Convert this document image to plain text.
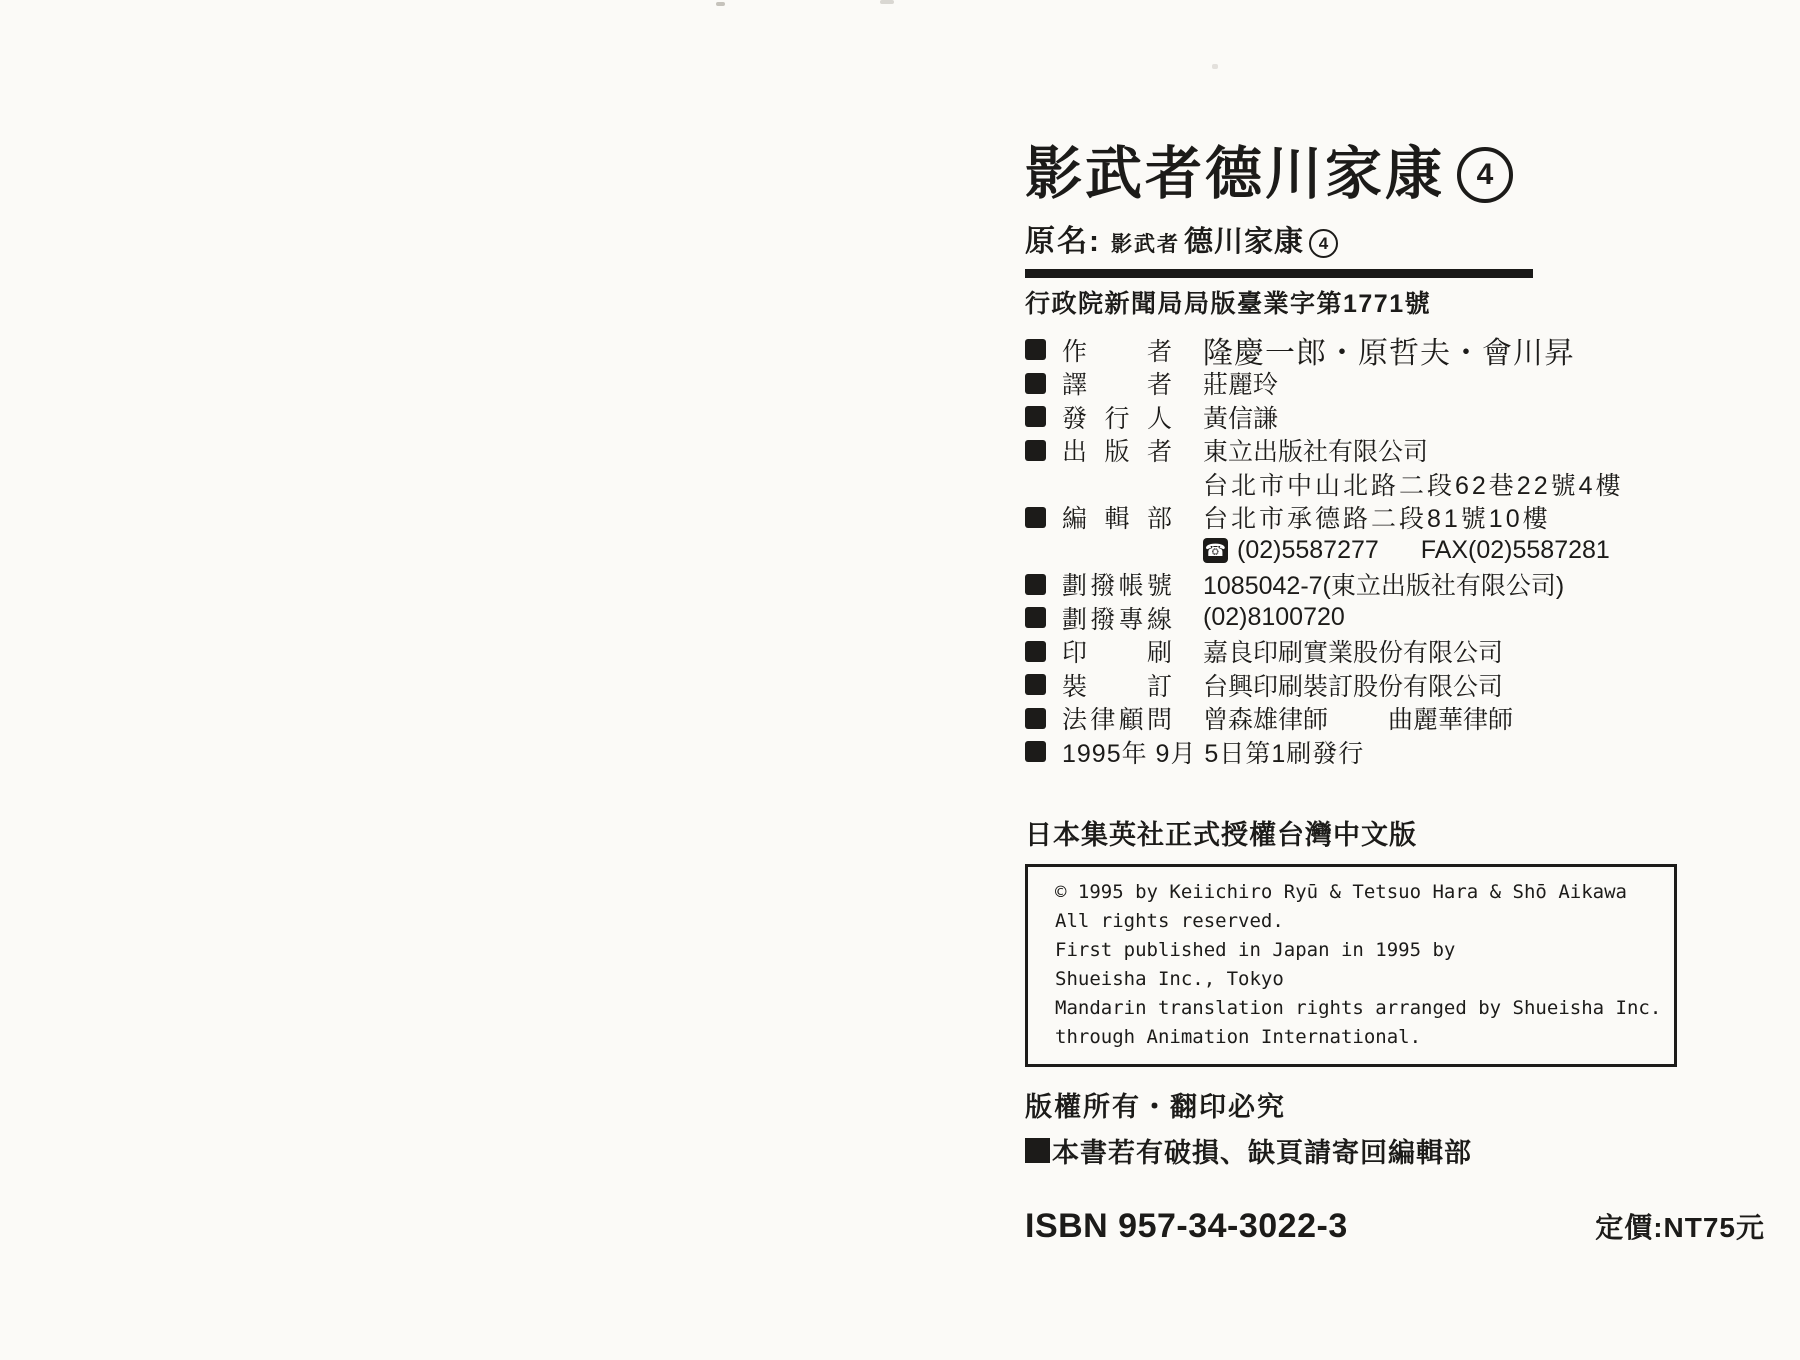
影武者德川家康	4
原名: 影武者 德川家康 4
行政院新聞局局版臺業字第1771號
作者 隆慶一郎・原哲夫・會川昇
譯者 莊麗玲
發行人 黃信謙
出版者 東立出版社有限公司
台北市中山北路二段62巷22號4樓
編輯部 台北市承德路二段81號10樓
☎ (02)5587277 FAX(02)5587281
劃撥帳號 1085042-7(東立出版社有限公司)
劃撥專線 (02)8100720
印刷 嘉良印刷實業股份有限公司
裝訂 台興印刷裝訂股份有限公司
法律顧問 曾森雄律師	曲麗華律師
1995年 9月 5日第1刷發行
日本集英社正式授權台灣中文版

© 1995 by Keiichiro Ryū & Tetsuo Hara & Shō Aikawa

All rights reserved.

First published in Japan in 1995 by

Shueisha Inc., Tokyo

Mandarin translation rights arranged by Shueisha Inc.

through Animation International.

版權所有・翻印必究
本書若有破損、缺頁請寄回編輯部
ISBN 957-34-3022-3	定價:NT75元
